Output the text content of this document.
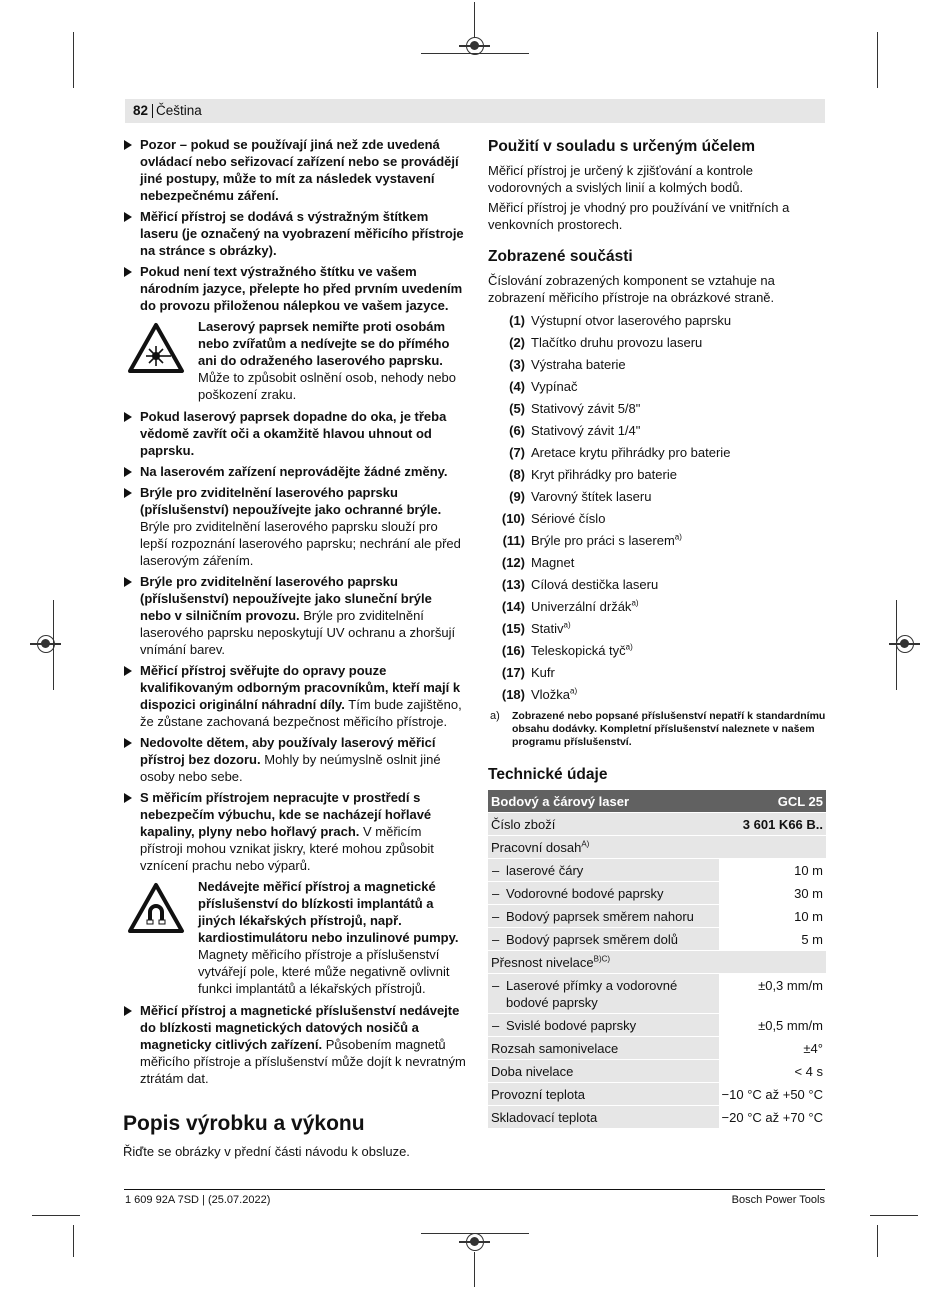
82 Čeština
Pozor – pokud se používají jiná než zde uvedená ovládací nebo seřizovací zařízení nebo se provádějí jiné postupy, může to mít za následek vystavení nebezpečnému záření.
Měřicí přístroj se dodává s výstražným štítkem laseru (je označený na vyobrazení měřicího přístroje na stránce s obrázky).
Pokud není text výstražného štítku ve vašem národním jazyce, přelepte ho před prvním uvedením do provozu přiloženou nálepkou ve vašem jazyce.
Laserový paprsek nemiřte proti osobám nebo zvířatům a nedívejte se do přímého ani do odraženého laserového paprsku. Může to způsobit oslnění osob, nehody nebo poškození zraku.
Pokud laserový paprsek dopadne do oka, je třeba vědomě zavřít oči a okamžitě hlavou uhnout od paprsku.
Na laserovém zařízení neprovádějte žádné změny.
Brýle pro zviditelnění laserového paprsku (příslušenství) nepoužívejte jako ochranné brýle. Brýle pro zviditelnění laserového paprsku slouží pro lepší rozpoznání laserového paprsku; nechrání ale před laserovým zářením.
Brýle pro zviditelnění laserového paprsku (příslušenství) nepoužívejte jako sluneční brýle nebo v silničním provozu. Brýle pro zviditelnění laserového paprsku neposkytují UV ochranu a zhoršují vnímání barev.
Měřicí přístroj svěřujte do opravy pouze kvalifikovaným odborným pracovníkům, kteří mají k dispozici originální náhradní díly. Tím bude zajištěno, že zůstane zachovaná bezpečnost měřicího přístroje.
Nedovolte dětem, aby používaly laserový měřicí přístroj bez dozoru. Mohly by neúmyslně oslnit jiné osoby nebo sebe.
S měřicím přístrojem nepracujte v prostředí s nebezpečím výbuchu, kde se nacházejí hořlavé kapaliny, plyny nebo hořlavý prach. V měřicím přístroji mohou vznikat jiskry, které mohou způsobit vznícení prachu nebo výparů.
Nedávejte měřicí přístroj a magnetické příslušenství do blízkosti implantátů a jiných lékařských přístrojů, např. kardiostimulátoru nebo inzulinové pumpy. Magnety měřicího přístroje a příslušenství vytvářejí pole, které může negativně ovlivnit funkci implantátů a lékařských přístrojů.
Měřicí přístroj a magnetické příslušenství nedávejte do blízkosti magnetických datových nosičů a magneticky citlivých zařízení. Působením magnetů měřicího přístroje a příslušenství může dojít k nevratným ztrátám dat.
Popis výrobku a výkonu
Řiďte se obrázky v přední části návodu k obsluze.
Použití v souladu s určeným účelem
Měřicí přístroj je určený k zjišťování a kontrole vodorovných a svislých linií a kolmých bodů.
Měřicí přístroj je vhodný pro používání ve vnitřních a venkovních prostorech.
Zobrazené součásti
Číslování zobrazených komponent se vztahuje na zobrazení měřicího přístroje na obrázkové straně.
(1) Výstupní otvor laserového paprsku
(2) Tlačítko druhu provozu laseru
(3) Výstraha baterie
(4) Vypínač
(5) Stativový závit 5/8"
(6) Stativový závit 1/4"
(7) Aretace krytu přihrádky pro baterie
(8) Kryt přihrádky pro baterie
(9) Varovný štítek laseru
(10) Sériové číslo
(11) Brýle pro práci s laserem$^{a)}$
(12) Magnet
(13) Cílová destička laseru
(14) Univerzální držák$^{a)}$
(15) Stativ$^{a)}$
(16) Teleskopická tyč$^{a)}$
(17) Kufr
(18) Vložka$^{a)}$
a) Zobrazené nebo popsané příslušenství nepatří k standardnímu obsahu dodávky. Kompletní příslušenství naleznete v našem programu příslušenství.
Technické údaje
Bodový a čárový laser	GCL 25
Číslo zboží	3 601 K66 B..
Pracovní dosah$^{A)}$

– laserové čáry	10 m

– Vodorovné bodové paprsky	30 m

– Bodový paprsek směrem nahoru	10 m

– Bodový paprsek směrem dolů	5 m
Přesnost nivelace$^{B)C)}$

– Laserové přímky a vodorovné bodové paprsky	±0,3 mm/m

– Svislé bodové paprsky	±0,5 mm/m
Rozsah samonivelace	±4°
Doba nivelace	< 4 s
Provozní teplota	−10 °C až +50 °C
Skladovací teplota	−20 °C až +70 °C
1 609 92A 7SD | (25.07.2022)	Bosch Power Tools
